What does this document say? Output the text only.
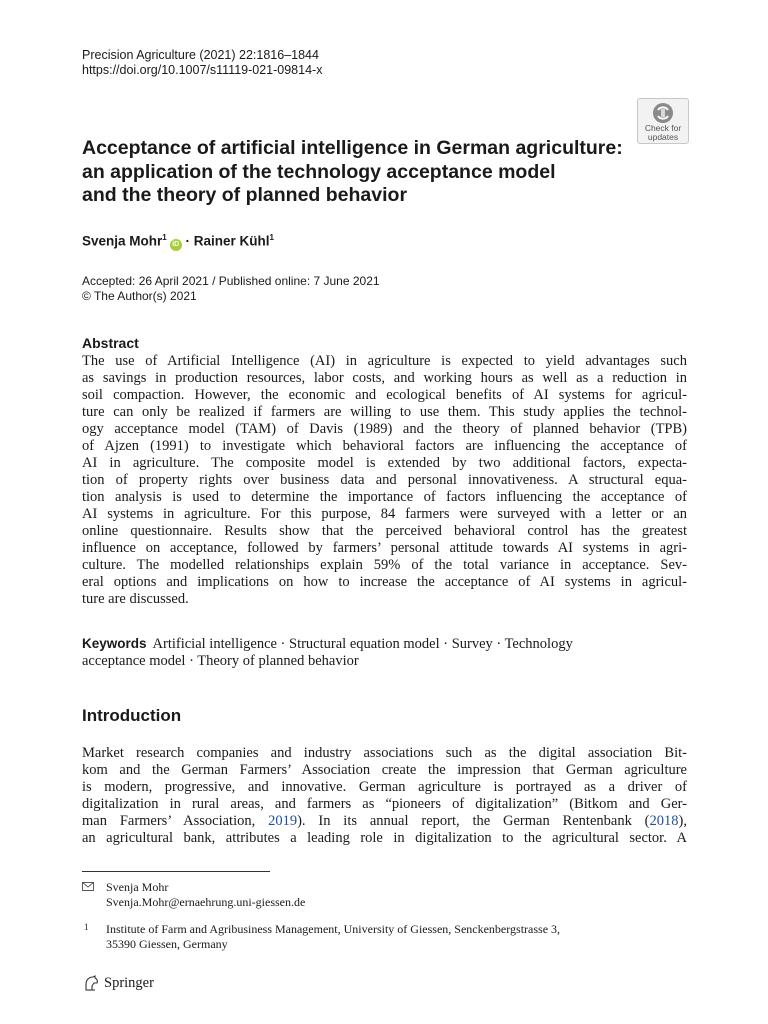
Precision Agriculture (2021) 22:1816–1844
https://doi.org/10.1007/s11119-021-09814-x
Check for
updates
Acceptance of artificial intelligence in German agriculture:
an application of the technology acceptance model
and the theory of planned behavior
Svenja Mohr$^1$iD · Rainer Kühl$^1$
Accepted: 26 April 2021 / Published online: 7 June 2021
© The Author(s) 2021
Abstract
The use of Artificial Intelligence (AI) in agriculture is expected to yield advantages such
as savings in production resources, labor costs, and working hours as well as a reduction in
soil compaction. However, the economic and ecological benefits of AI systems for agricul-
ture can only be realized if farmers are willing to use them. This study applies the technol-
ogy acceptance model (TAM) of Davis (1989) and the theory of planned behavior (TPB)
of Ajzen (1991) to investigate which behavioral factors are influencing the acceptance of
AI in agriculture. The composite model is extended by two additional factors, expecta-
tion of property rights over business data and personal innovativeness. A structural equa-
tion analysis is used to determine the importance of factors influencing the acceptance of
AI systems in agriculture. For this purpose, 84 farmers were surveyed with a letter or an
online questionnaire. Results show that the perceived behavioral control has the greatest
influence on acceptance, followed by farmers’ personal attitude towards AI systems in agri-
culture. The modelled relationships explain 59% of the total variance in acceptance. Sev-
eral options and implications on how to increase the acceptance of AI systems in agricul-
ture are discussed.
Keywords Artificial intelligence · Structural equation model · Survey · Technology
acceptance model · Theory of planned behavior
Introduction
Market research companies and industry associations such as the digital association Bit-
kom and the German Farmers’ Association create the impression that German agriculture
is modern, progressive, and innovative. German agriculture is portrayed as a driver of
digitalization in rural areas, and farmers as “pioneers of digitalization” (Bitkom and Ger-
man Farmers’ Association, 2019). In its annual report, the German Rentenbank (2018),
an agricultural bank, attributes a leading role in digitalization to the agricultural sector. A
Svenja Mohr
Svenja.Mohr@ernaehrung.uni-giessen.de
1 Institute of Farm and Agribusiness Management, University of Giessen, Senckenbergstrasse 3,
35390 Giessen, Germany
Springer
